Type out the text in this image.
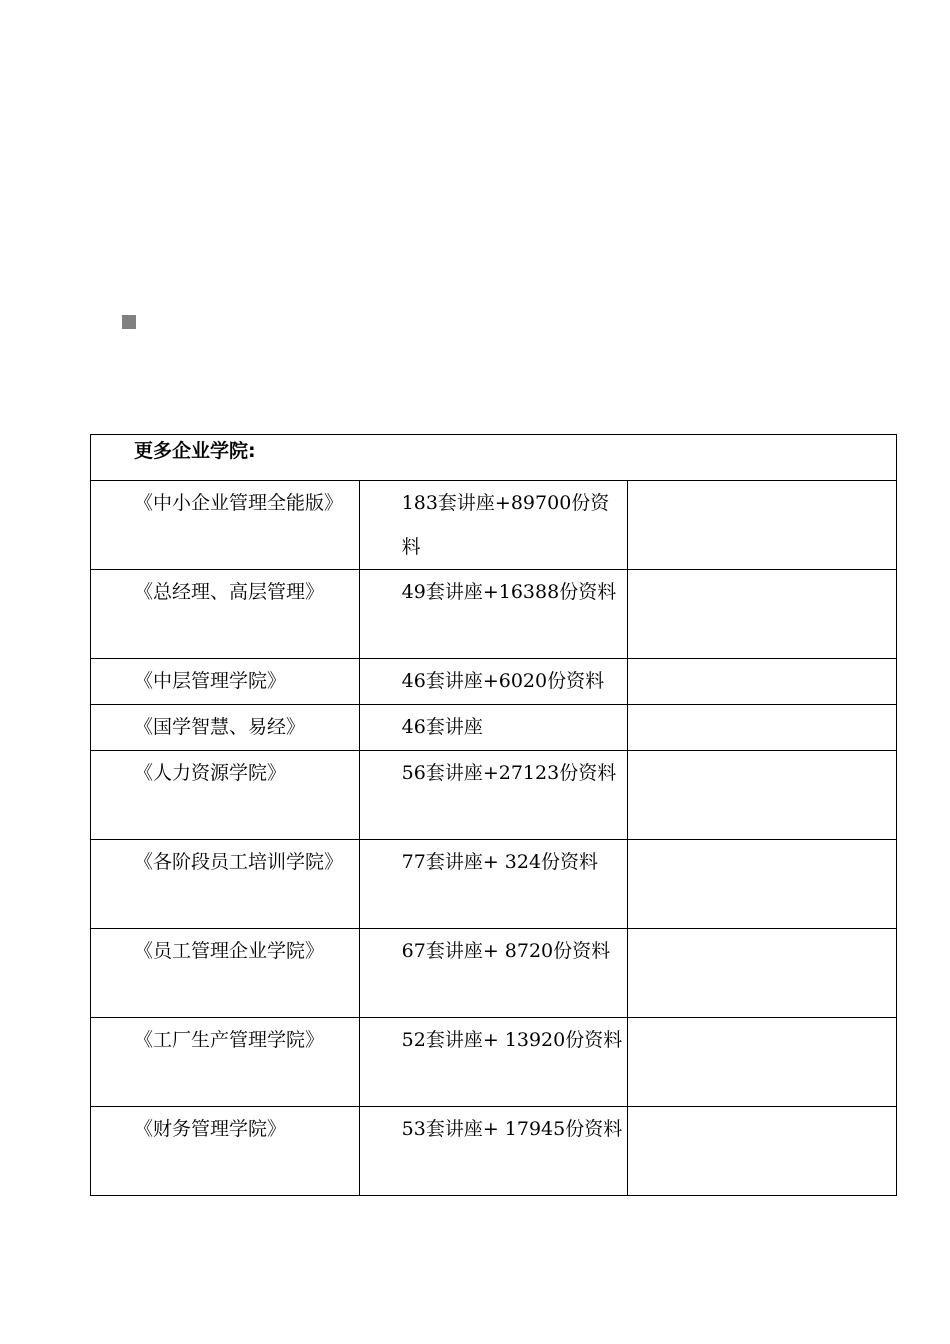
更多企业学院:		
《中小企业管理全能版》	183套讲座+89700份资料	
《总经理、高层管理》	49套讲座+16388份资料	
《中层管理学院》	46套讲座+6020份资料	
《国学智慧、易经》	46套讲座	
《人力资源学院》	56套讲座+27123份资料	
《各阶段员工培训学院》	77套讲座+ 324份资料	
《员工管理企业学院》	67套讲座+ 8720份资料	
《工厂生产管理学院》	52套讲座+ 13920份资料	
《财务管理学院》	53套讲座+ 17945份资料	
